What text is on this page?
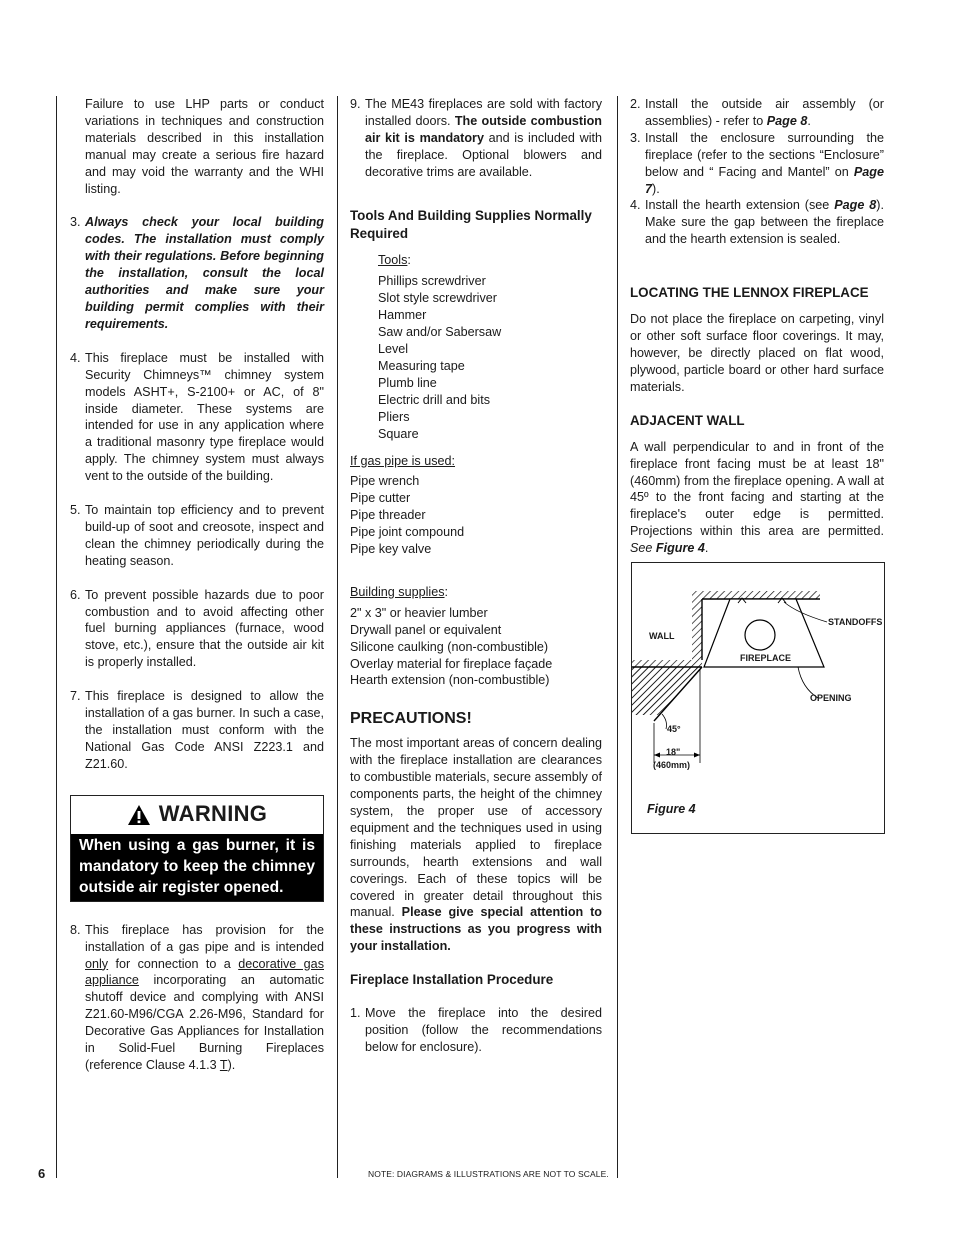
Failure to use LHP parts or conduct variations in techniques and construction materials described in this installation manual may create a serious fire hazard and may void the warranty and the WHI listing.
3. Always check your local building codes. The installation must comply with their regulations. Before beginning the installation, consult the local authorities and make sure your building permit complies with their requirements.
4. This fireplace must be installed with Security Chimneys™ chimney system models ASHT+, S-2100+ or AC, of 8" inside diameter. These systems are intended for use in any application where a traditional masonry type fireplace would apply. The chimney system must always vent to the outside of the building.
5. To maintain top efficiency and to prevent build-up of soot and creosote, inspect and clean the chimney periodically during the heating season.
6. To prevent possible hazards due to poor combustion and to avoid affecting other fuel burning appliances (furnace, wood stove, etc.), ensure that the outside air kit is properly installed.
7. This fireplace is designed to allow the installation of a gas burner. In such a case, the installation must conform with the National Gas Code ANSI Z223.1 and Z21.60.
WARNING
When using a gas burner, it is mandatory to keep the chimney outside air register opened.
8. This fireplace has provision for the installation of a gas pipe and is intended only for connection to a decorative gas appliance incorporating an automatic shutoff device and complying with ANSI Z21.60-M96/CGA 2.26-M96, Standard for Decorative Gas Appliances for Installation in Solid-Fuel Burning Fireplaces (reference Clause 4.1.3 T).
9. The ME43 fireplaces are sold with factory installed doors. The outside combustion air kit is mandatory and is included with the fireplace. Optional blowers and decorative trims are available.

Tools And Building Supplies Normally Required

Tools:
Phillips screwdriver
Slot style screwdriver
Hammer
Saw and/or Sabersaw
Level
Measuring tape
Plumb line
Electric drill and bits
Pliers
Square
If gas pipe is used:
Pipe wrench
Pipe cutter
Pipe threader
Pipe joint compound
Pipe key valve
Building supplies:
2" x 3" or heavier lumber
Drywall panel or equivalent
Silicone caulking (non-combustible)
Overlay material for fireplace façade
Hearth extension (non-combustible)

PRECAUTIONS!

The most important areas of concern dealing with the fireplace installation are clearances to combustible materials, secure assembly of components parts, the height of the chimney system, the proper use of accessory equipment and the techniques used in using finishing materials applied to fireplace surrounds, hearth extensions and wall coverings. Each of these topics will be covered in greater detail throughout this manual. Please give special attention to these instructions as you progress with your installation.

Fireplace Installation Procedure

1. Move the fireplace into the desired position (follow the recommendations below for enclosure).
2. Install the outside air assembly (or assemblies) - refer to Page 8.
3. Install the enclosure surrounding the fireplace (refer to the sections “Enclosure” below and “ Facing and Mantel” on Page 7).
4. Install the hearth extension (see Page 8). Make sure the gap between the fireplace and the hearth extension is sealed.

LOCATING THE LENNOX FIREPLACE

Do not place the fireplace on carpeting, vinyl or other soft surface floor coverings. It may, however, be directly placed on flat wood, plywood, particle board or other hard surface materials.

ADJACENT WALL

A wall perpendicular to and in front of the fireplace front facing must be at least 18" (460mm) from the fireplace opening. A wall at 45º to the front facing and starting at the fireplace's outer edge is permitted. Projections within this area are permitted. See Figure 4.

STANDOFFS
WALL
FIREPLACE
OPENING
45°
18"
(460mm)
Figure 4
6	NOTE: DIAGRAMS & ILLUSTRATIONS ARE NOT TO SCALE.
